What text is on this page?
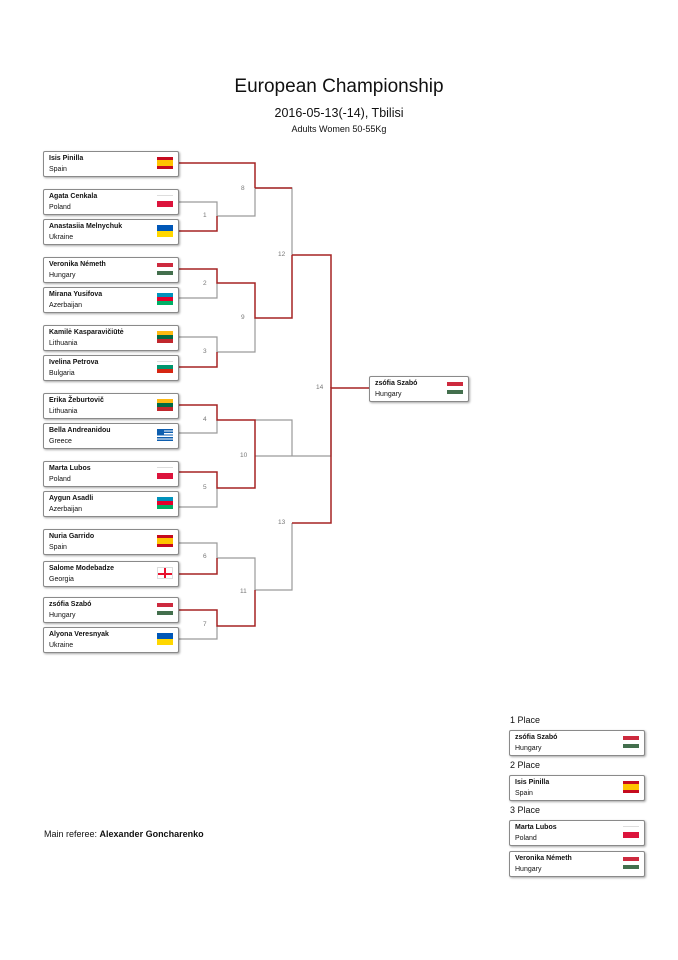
European Championship
2016-05-13(-14), Tbilisi
Adults Women 50-55Kg
1
2
3
4
5
6
7
8
9
10
11
12
13
14
Isis Pinilla
Spain
Agata Cenkala
Poland
Anastasiia Melnychuk
Ukraine
Veronika Németh
Hungary
Mirana Yusifova
Azerbaijan
Kamilė Kasparavičiūtė
Lithuania
Ivelina Petrova
Bulgaria
Erika Žeburtovič
Lithuania
Bella Andreanidou
Greece
Marta Lubos
Poland
Aygun Asadli
Azerbaijan
Nuria Garrido
Spain
Salome Modebadze
Georgia
zsófia Szabó
Hungary
Alyona Veresnyak
Ukraine
zsófia Szabó
Hungary
Main referee: Alexander Goncharenko
1 Place
zsófia Szabó
Hungary
2 Place
Isis Pinilla
Spain
3 Place
Marta Lubos
Poland
Veronika Németh
Hungary
